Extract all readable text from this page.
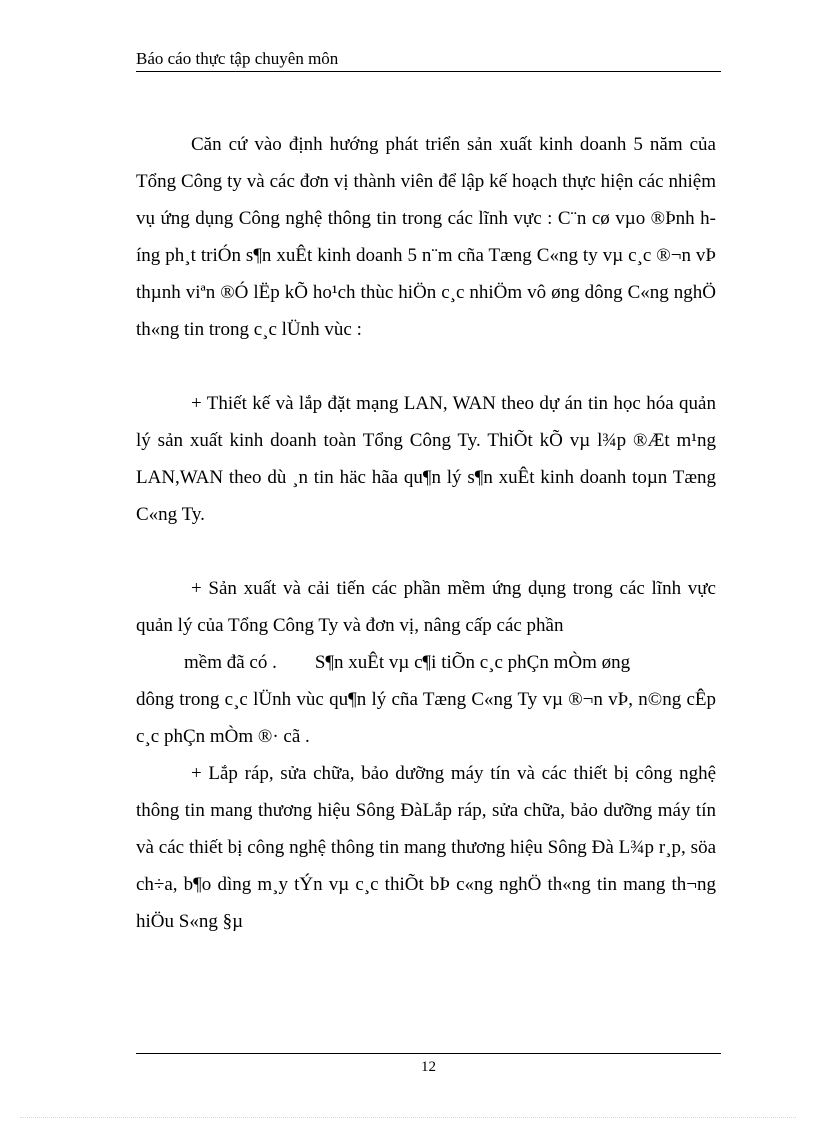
Báo cáo thực tập chuyên môn

Căn cứ vào định hướng phát triển sản xuất kinh doanh 5 năm của Tổng Công ty và các đơn vị thành viên để lập kế hoạch thực hiện các nhiệm vụ ứng dụng Công nghệ thông tin trong các lĩnh vực : C¨n cø vµo ®Þnh híng ph¸t triÓn s¶n xuÊt kinh doanh 5 n¨m cña Tæng C«ng ty vµ c¸c ®¬n vÞ thµnh viªn ®Ó lËp kÕ ho¹ch thùc hiÖn c¸c nhiÖm vô øng dông C«ng nghÖ th«ng tin trong c¸c lÜnh vùc :

+ Thiết kế và lắp đặt mạng LAN, WAN theo dự án tin học hóa quản lý sản xuất kinh doanh toàn Tổng Công Ty. ThiÕt kÕ vµ l¾p ®Æt m¹ng LAN,WAN theo dù ¸n tin häc hãa qu¶n lý s¶n xuÊt kinh doanh toµn Tæng C«ng Ty.

+ Sản xuất và cải tiến các phần mềm ứng dụng trong các lĩnh vực quản lý của Tổng Công Ty và đơn vị, nâng cấp các phần

mềm đã có . S¶n xuÊt vµ c¶i tiÕn c¸c phÇn mÒm øng

dông trong c¸c lÜnh vùc qu¶n lý cña Tæng C«ng Ty vµ ®¬n vÞ, n©ng cÊp c¸c phÇn mÒm ®· cã .

+ Lắp ráp, sửa chữa, bảo dưỡng máy tín và các thiết bị công nghệ thông tin mang thương hiệu Sông ĐàLắp ráp, sửa chữa, bảo dưỡng máy tín và các thiết bị công nghệ thông tin mang thương hiệu Sông Đà L¾p r¸p, söa ch÷a, b¶o dìng m¸y tÝn vµ c¸c thiÕt bÞ c«ng nghÖ th«ng tin mang th¬ng hiÖu S«ng §µ

12
